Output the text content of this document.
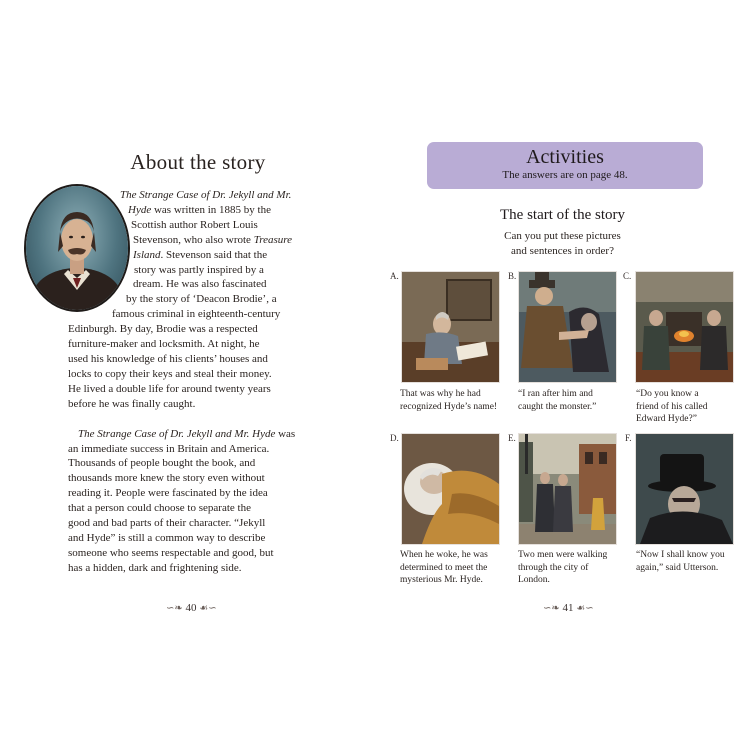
About the story

The Strange Case of Dr. Jekyll and Mr.
Hyde was written in 1885 by the
Scottish author Robert Louis
Stevenson, who also wrote Treasure
Island. Stevenson said that the
story was partly inspired by a
dream. He was also fascinated
by the story of ‘Deacon Brodie’, a
famous criminal in eighteenth-century
Edinburgh. By day, Brodie was a respected
furniture-maker and locksmith. At night, he
used his knowledge of his clients’ houses and
locks to copy their keys and steal their money.
He lived a double life for around twenty years
before he was finally caught.

The Strange Case of Dr. Jekyll and Mr. Hyde was
an immediate success in Britain and America.
Thousands of people bought the book, and
thousands more knew the story even without
reading it. People were fascinated by the idea
that a person could choose to separate the
good and bad parts of their character. “Jekyll
and Hyde” is still a common way to describe
someone who seems respectable and good, but
has a hidden, dark and frightening side.

∽❧ 40 ☙∽
Activities
The answers are on page 48.
The start of the story
Can you put these pictures
and sentences in order?
A.
That was why he had
recognized Hyde’s name!
B.
“I ran after him and
caught the monster.”
C.
“Do you know a
friend of his called
Edward Hyde?”
D.
When he woke, he was
determined to meet the
mysterious Mr. Hyde.
E.
Two men were walking
through the city of
London.
F.
“Now I shall know you
again,” said Utterson.
∽❧ 41 ☙∽
